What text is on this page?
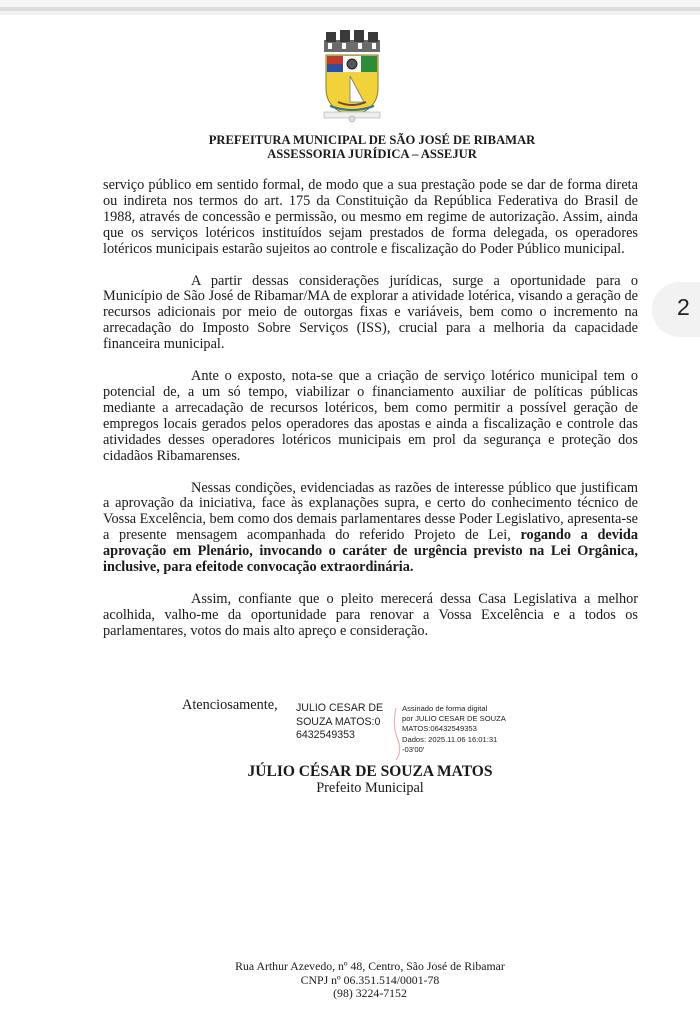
PREFEITURA MUNICIPAL DE SÃO JOSÉ DE RIBAMAR
ASSESSORIA JURÍDICA – ASSEJUR

serviço público em sentido formal, de modo que a sua prestação pode se dar de forma direta ou indireta nos termos do art. 175 da Constituição da República Federativa do Brasil de 1988, através de concessão e permissão, ou mesmo em regime de autorização. Assim, ainda que os serviços lotéricos instituídos sejam prestados de forma delegada, os operadores lotéricos municipais estarão sujeitos ao controle e fiscalização do Poder Público municipal.

A partir dessas considerações jurídicas, surge a oportunidade para o Município de São José de Ribamar/MA de explorar a atividade lotérica, visando a geração de recursos adicionais por meio de outorgas fixas e variáveis, bem como o incremento na arrecadação do Imposto Sobre Serviços (ISS), crucial para a melhoria da capacidade financeira municipal.

Ante o exposto, nota-se que a criação de serviço lotérico municipal tem o potencial de, a um só tempo, viabilizar o financiamento auxiliar de políticas públicas mediante a arrecadação de recursos lotéricos, bem como permitir a possível geração de empregos locais gerados pelos operadores das apostas e ainda a fiscalização e controle das atividades desses operadores lotéricos municipais em prol da segurança e proteção dos cidadãos Ribamarenses.

Nessas condições, evidenciadas as razões de interesse público que justificam a aprovação da iniciativa, face às explanações supra, e certo do conhecimento técnico de Vossa Excelência, bem como dos demais parlamentares desse Poder Legislativo, apresenta-se a presente mensagem acompanhada do referido Projeto de Lei, rogando a devida aprovação em Plenário, invocando o caráter de urgência previsto na Lei Orgânica, inclusive, para efeitode convocação extraordinária.

Assim, confiante que o pleito merecerá dessa Casa Legislativa a melhor acolhida, valho-me da oportunidade para renovar a Vossa Excelência e a todos os parlamentares, votos do mais alto apreço e consideração.

Atenciosamente, JULIO CESAR DE SOUZA MATOS:06432549353
Assinado de forma digital
por JULIO CESAR DE SOUZA
MATOS:06432549353
Dados: 2025.11.06 16:01:31
-03'00'
JÚLIO CÉSAR DE SOUZA MATOS
Prefeito Municipal
Rua Arthur Azevedo, nº 48, Centro, São José de Ribamar
CNPJ nº 06.351.514/0001-78
(98) 3224-7152
2
